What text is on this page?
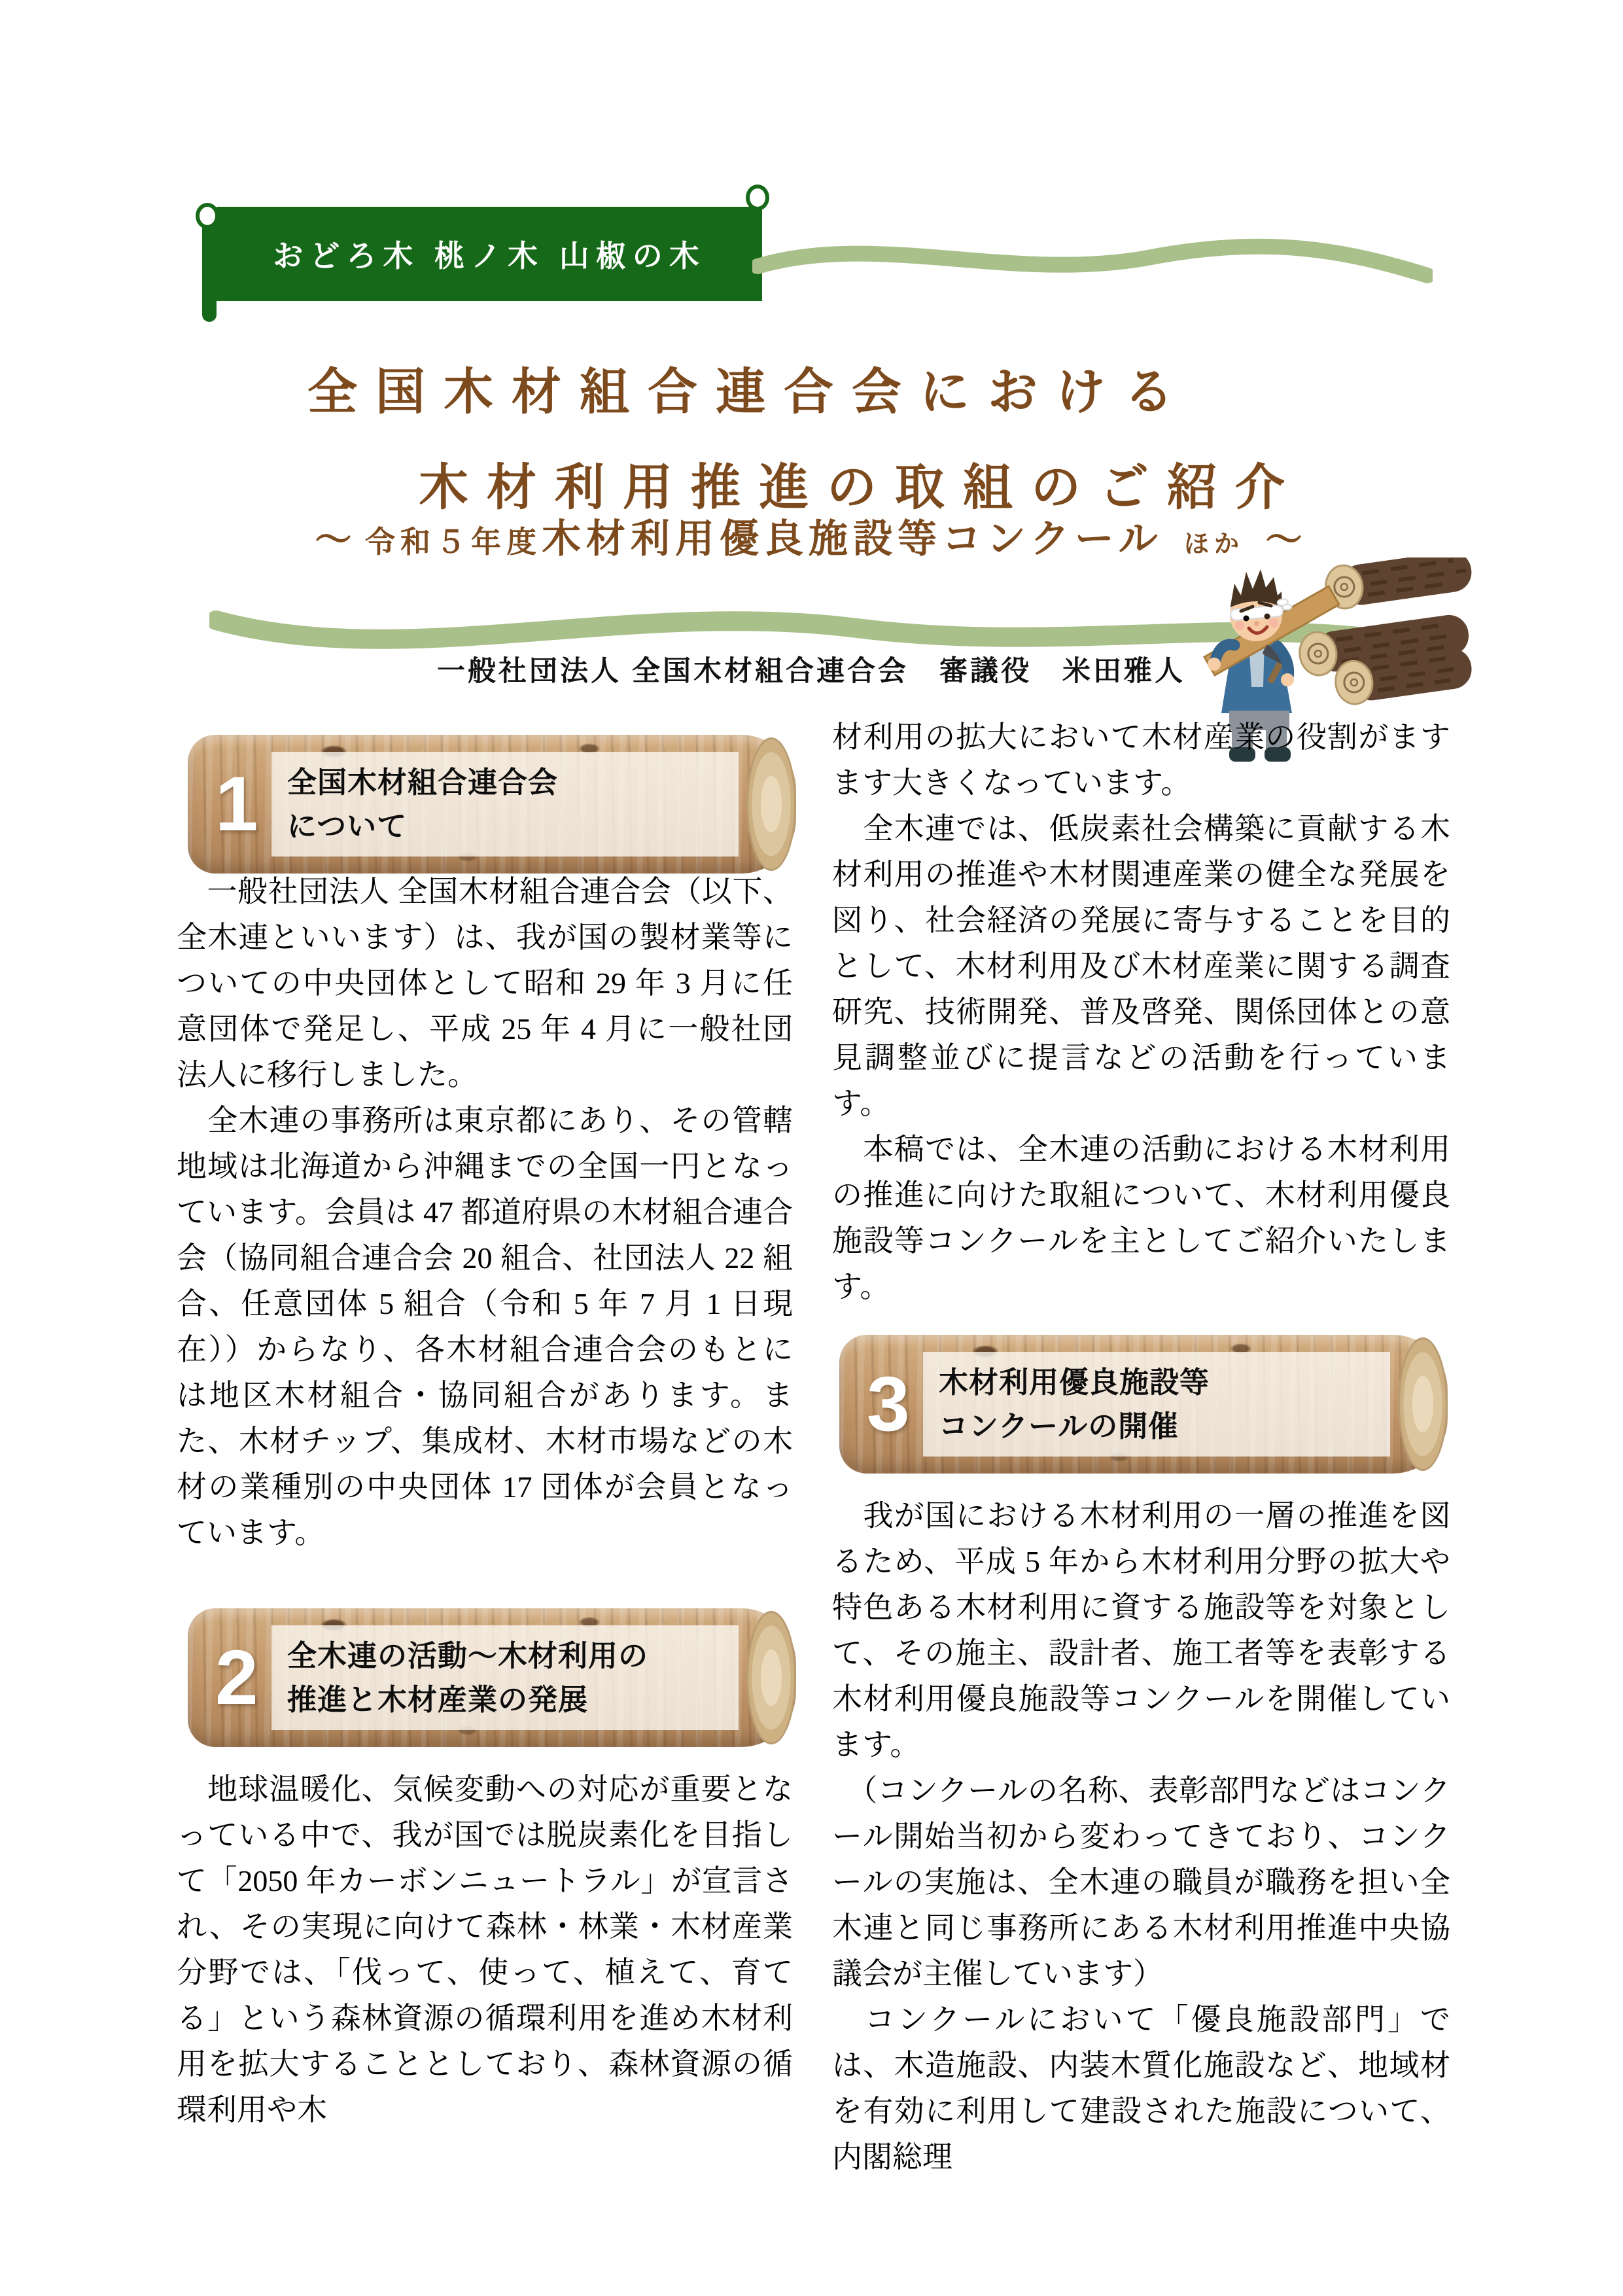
おどろ木 桃ノ木 山椒の木
全国木材組合連合会における
木材利用推進の取組のご紹介
～ 令和５年度木材利用優良施設等コンクール ほか ～
一般社団法人 全国木材組合連合会　審議役　米田雅人
1 全国木材組合連合会
について

　一般社団法人 全国木材組合連合会（以下、全木連といいます）は、我が国の製材業等についての中央団体として昭和 29 年 3 月に任意団体で発足し、平成 25 年 4 月に一般社団法人に移行しました。

　全木連の事務所は東京都にあり、その管轄地域は北海道から沖縄までの全国一円となっています。会員は 47 都道府県の木材組合連合会（協同組合連合会 20 組合、社団法人 22 組合、任意団体 5 組合（令和 5 年 7 月 1 日現在））からなり、各木材組合連合会のもとには地区木材組合・協同組合があります。また、木材チップ、集成材、木材市場などの木材の業種別の中央団体 17 団体が会員となっています。

2 全木連の活動～木材利用の
推進と木材産業の発展

　地球温暖化、気候変動への対応が重要となっている中で、我が国では脱炭素化を目指して「2050 年カーボンニュートラル」が宣言され、その実現に向けて森林・林業・木材産業分野では、「伐って、使って、植えて、育てる」という森林資源の循環利用を進め木材利用を拡大することとしており、森林資源の循環利用や木

材利用の拡大において木材産業の役割がますます大きくなっています。

　全木連では、低炭素社会構築に貢献する木材利用の推進や木材関連産業の健全な発展を図り、社会経済の発展に寄与することを目的として、木材利用及び木材産業に関する調査研究、技術開発、普及啓発、関係団体との意見調整並びに提言などの活動を行っています。

　本稿では、全木連の活動における木材利用の推進に向けた取組について、木材利用優良施設等コンクールを主としてご紹介いたします。

3 木材利用優良施設等
コンクールの開催

　我が国における木材利用の一層の推進を図るため、平成 5 年から木材利用分野の拡大や特色ある木材利用に資する施設等を対象として、その施主、設計者、施工者等を表彰する木材利用優良施設等コンクールを開催しています。

　（コンクールの名称、表彰部門などはコンクール開始当初から変わってきており、コンクールの実施は、全木連の職員が職務を担い全木連と同じ事務所にある木材利用推進中央協議会が主催しています）

　コンクールにおいて「優良施設部門」では、木造施設、内装木質化施設など、地域材を有効に利用して建設された施設について、内閣総理
